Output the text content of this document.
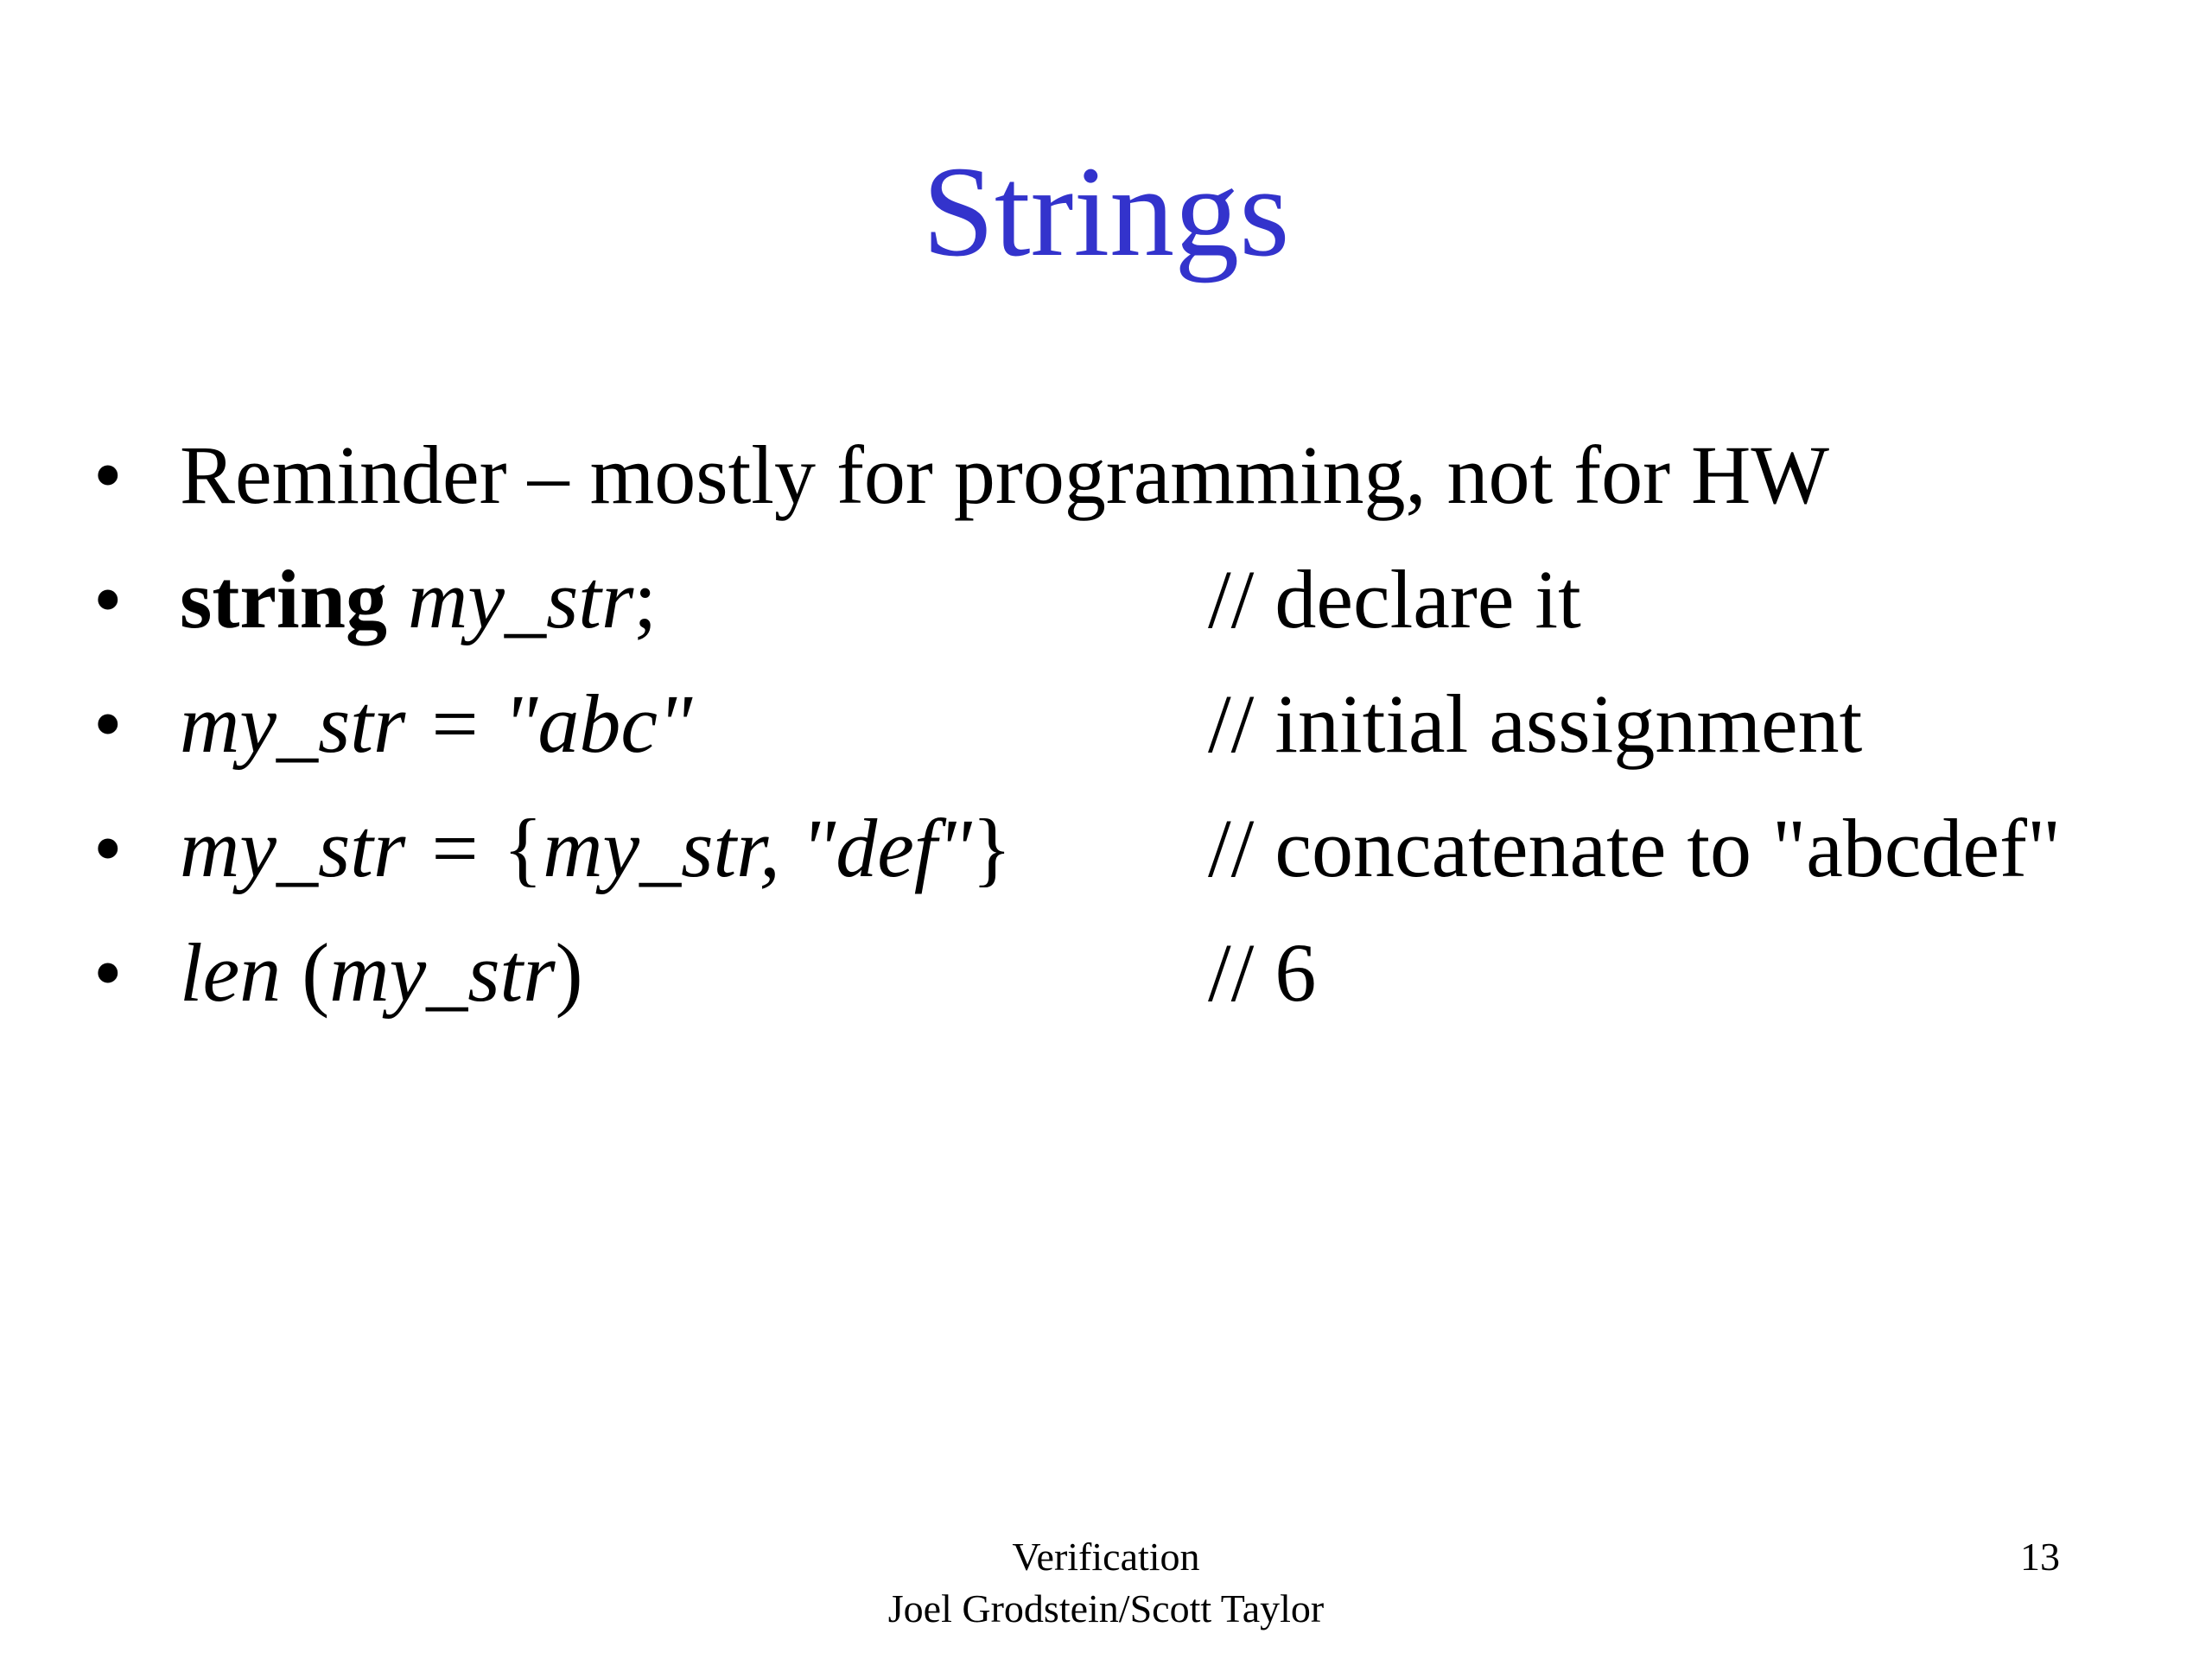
Strings
• Reminder – mostly for programming, not for HW
• string my_str;	// declare it
• my_str = "abc"	// initial assignment
• my_str = {my_str, "def"} // concatenate to "abcdef"
• len (my_str)	// 6
Verification
Joel Grodstein/Scott Taylor
13
